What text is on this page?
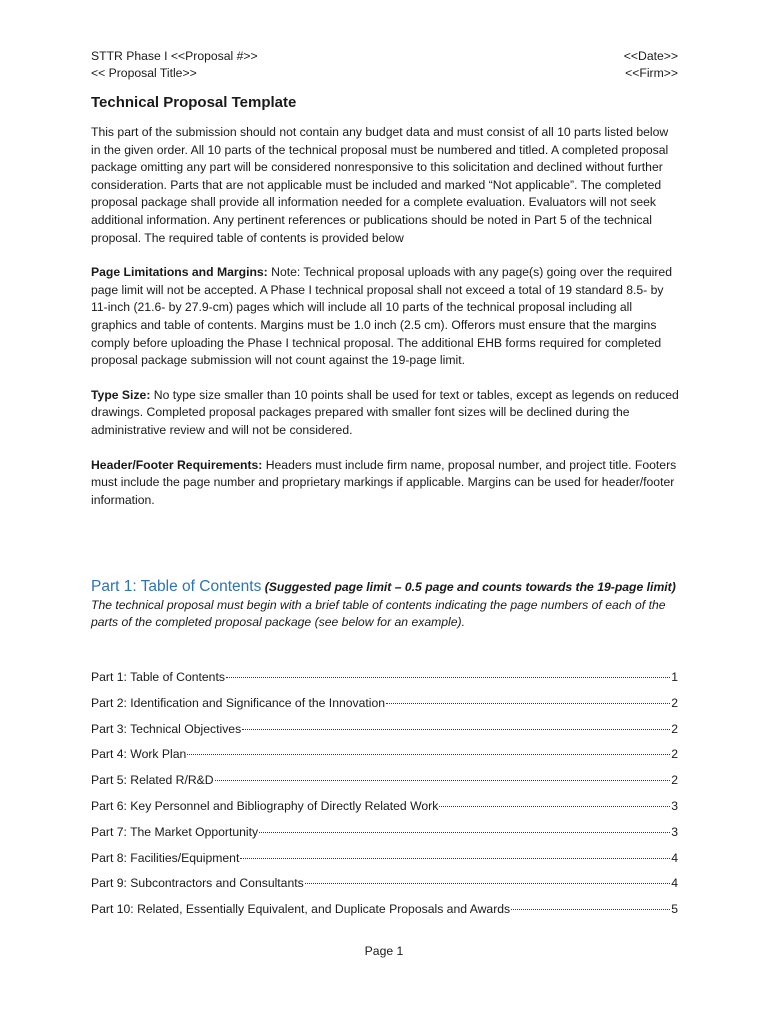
STTR Phase I <<Proposal #>>	<<Date>>
<< Proposal Title>>	<<Firm>>
Technical Proposal Template

This part of the submission should not contain any budget data and must consist of all 10 parts listed below in the given order. All 10 parts of the technical proposal must be numbered and titled. A completed proposal package omitting any part will be considered nonresponsive to this solicitation and declined without further consideration. Parts that are not applicable must be included and marked “Not applicable”. The completed proposal package shall provide all information needed for a complete evaluation. Evaluators will not seek additional information. Any pertinent references or publications should be noted in Part 5 of the technical proposal. The required table of contents is provided below

Page Limitations and Margins: Note: Technical proposal uploads with any page(s) going over the required page limit will not be accepted. A Phase I technical proposal shall not exceed a total of 19 standard 8.5- by 11-inch (21.6- by 27.9-cm) pages which will include all 10 parts of the technical proposal including all graphics and table of contents. Margins must be 1.0 inch (2.5 cm). Offerors must ensure that the margins comply before uploading the Phase I technical proposal. The additional EHB forms required for completed proposal package submission will not count against the 19-page limit.

Type Size: No type size smaller than 10 points shall be used for text or tables, except as legends on reduced drawings. Completed proposal packages prepared with smaller font sizes will be declined during the administrative review and will not be considered.

Header/Footer Requirements: Headers must include firm name, proposal number, and project title. Footers must include the page number and proprietary markings if applicable. Margins can be used for header/footer information.

Part 1: Table of Contents (Suggested page limit – 0.5 page and counts towards the 19-page limit)

The technical proposal must begin with a brief table of contents indicating the page numbers of each of the parts of the completed proposal package (see below for an example).

Part 1: Table of Contents	1
Part 2: Identification and Significance of the Innovation	2
Part 3: Technical Objectives	2
Part 4: Work Plan	2
Part 5: Related R/R&D	2
Part 6: Key Personnel and Bibliography of Directly Related Work	3
Part 7: The Market Opportunity	3
Part 8: Facilities/Equipment	4
Part 9: Subcontractors and Consultants	4
Part 10: Related, Essentially Equivalent, and Duplicate Proposals and Awards	5
Page 1
